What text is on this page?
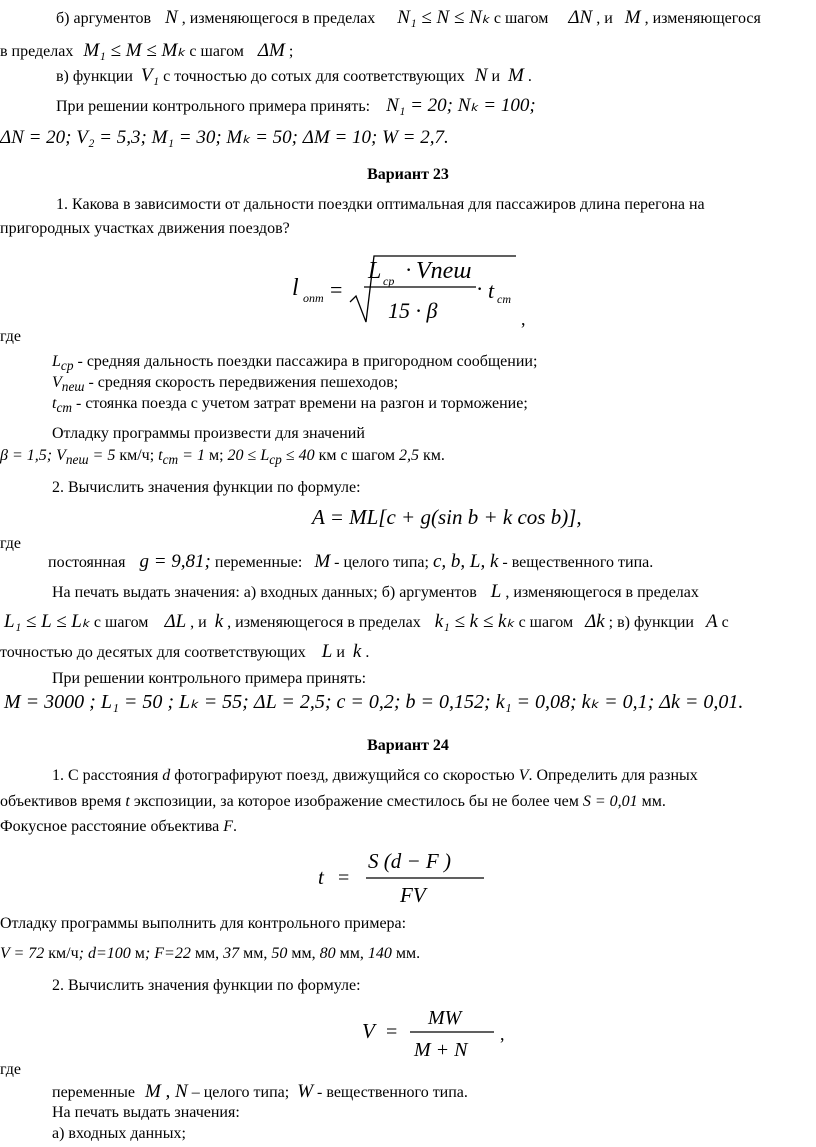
б) аргументов N , изменяющегося в пределах N₁ ≤ N ≤ Nₖ с шагом ΔN , и M , изменяющегося
в пределах M₁ ≤ M ≤ Mₖ с шагом ΔM ;
в) функции V₁ с точностью до сотых для соответствующих N и M .
При решении контрольного примера принять: N₁ = 20; Nₖ = 100;
ΔN = 20; V₂ = 5,3; M₁ = 30; Mₖ = 50; ΔM = 10; W = 2,7.
Вариант 23
1. Какова в зависимости от дальности поездки оптимальная для пассажиров длина перегона на
пригородных участках движения поездов?
l опт =
L ср · Vпеш
15 · β
· t ст
,
где
$L_{ср}$ - средняя дальность поездки пассажира в пригородном сообщении;
$V_{пеш}$ - средняя скорость передвижения пешеходов;
$t_{ст}$ - стоянка поезда с учетом затрат времени на разгон и торможение;
Отладку программы произвести для значений
β = 1,5; $V_{пеш} = 5$ км/ч; $t_{ст} = 1$ м; $20 \le L_{ср} \le 40$ км с шагом 2,5 км.
2. Вычислить значения функции по формуле:
A = ML[c + g(sin b + k cos b)],
где
постоянная g = 9,81; переменные: M - целого типа; c, b, L, k - вещественного типа.
На печать выдать значения: а) входных данных; б) аргументов L , изменяющегося в пределах
L₁ ≤ L ≤ Lₖ с шагом ΔL , и k , изменяющегося в пределах k₁ ≤ k ≤ kₖ с шагом Δk ; в) функции A с
точностью до десятых для соответствующих L и k .
При решении контрольного примера принять:
M = 3000 ; L₁ = 50 ; Lₖ = 55; ΔL = 2,5; c = 0,2; b = 0,152; k₁ = 0,08; kₖ = 0,1; Δk = 0,01.
Вариант 24
1. С расстояния d фотографируют поезд, движущийся со скоростью V. Определить для разных
объективов время t экспозиции, за которое изображение сместилось бы не более чем S = 0,01 мм.
Фокусное расстояние объектива F.
t =
S (d − F )
FV
Отладку программы выполнить для контрольного примера:
V = 72 км/ч; d=100 м; F=22 мм, 37 мм, 50 мм, 80 мм, 140 мм.
2. Вычислить значения функции по формуле:
V =
MW
M + N
,
где
переменные M , N – целого типа; W - вещественного типа.
На печать выдать значения:
а) входных данных;
